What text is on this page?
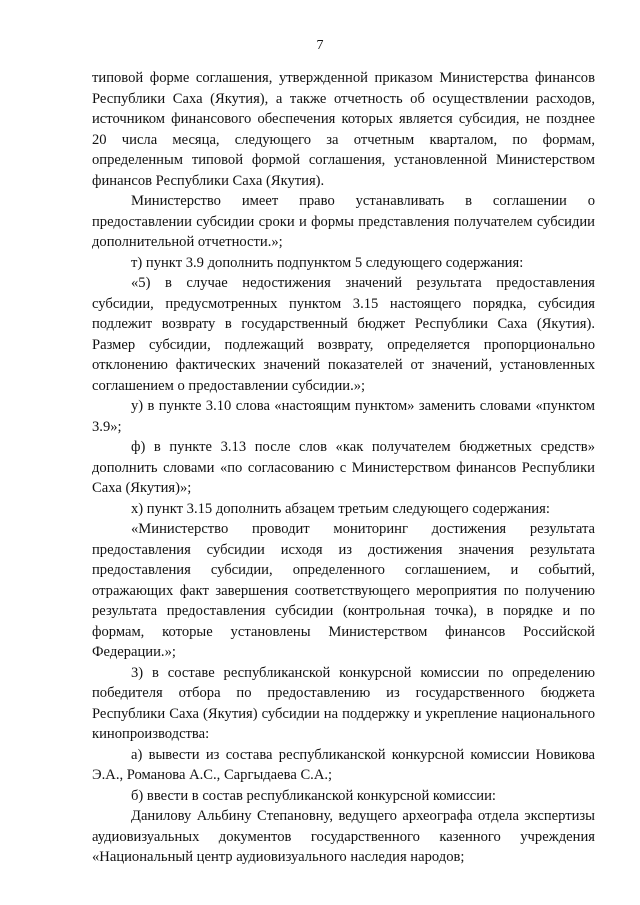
7

типовой форме соглашения, утвержденной приказом Министерства финансов Республики Саха (Якутия), а также отчетность об осуществлении расходов, источником финансового обеспечения которых является субсидия, не позднее 20 числа месяца, следующего за отчетным кварталом, по формам, определенным типовой формой соглашения, установленной Министерством финансов Республики Саха (Якутия).

Министерство имеет право устанавливать в соглашении о предоставлении субсидии сроки и формы представления получателем субсидии дополнительной отчетности.»;

т) пункт 3.9 дополнить подпунктом 5 следующего содержания:

«5) в случае недостижения значений результата предоставления субсидии, предусмотренных пунктом 3.15 настоящего порядка, субсидия подлежит возврату в государственный бюджет Республики Саха (Якутия). Размер субсидии, подлежащий возврату, определяется пропорционально отклонению фактических значений показателей от значений, установленных соглашением о предоставлении субсидии.»;

у) в пункте 3.10 слова «настоящим пунктом» заменить словами «пунктом 3.9»;

ф) в пункте 3.13 после слов «как получателем бюджетных средств» дополнить словами «по согласованию с Министерством финансов Республики Саха (Якутия)»;

х) пункт 3.15 дополнить абзацем третьим следующего содержания:

«Министерство проводит мониторинг достижения результата предоставления субсидии исходя из достижения значения результата предоставления субсидии, определенного соглашением, и событий, отражающих факт завершения соответствующего мероприятия по получению результата предоставления субсидии (контрольная точка), в порядке и по формам, которые установлены Министерством финансов Российской Федерации.»;

3) в составе республиканской конкурсной комиссии по определению победителя отбора по предоставлению из государственного бюджета Республики Саха (Якутия) субсидии на поддержку и укрепление национального кинопроизводства:

а) вывести из состава республиканской конкурсной комиссии Новикова Э.А., Романова А.С., Саргыдаева С.А.;

б) ввести в состав республиканской конкурсной комиссии:

Данилову Альбину Степановну, ведущего археографа отдела экспертизы аудиовизуальных документов государственного казенного учреждения «Национальный центр аудиовизуального наследия народов;
